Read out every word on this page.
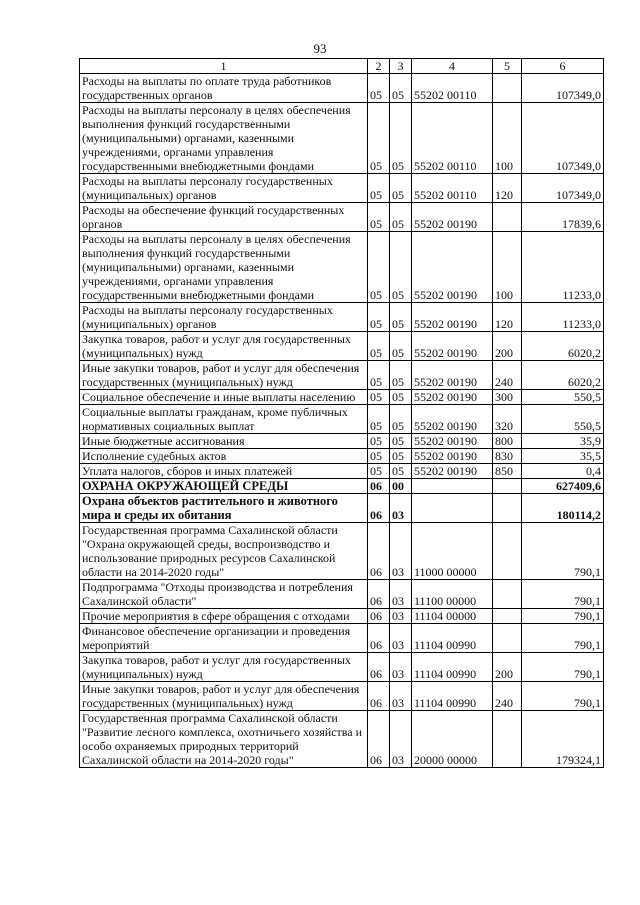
93
1	2	3	4	5	6
Расходы на выплаты по оплате труда работников государственных органов	05	05	55202 00110		107349,0
Расходы на выплаты персоналу в целях обеспечения выполнения функций государственными (муниципальными) органами, казенными учреждениями, органами управления государственными внебюджетными фондами	05	05	55202 00110	100	107349,0
Расходы на выплаты персоналу государственных (муниципальных) органов	05	05	55202 00110	120	107349,0
Расходы на обеспечение функций государственных органов	05	05	55202 00190		17839,6
Расходы на выплаты персоналу в целях обеспечения выполнения функций государственными (муниципальными) органами, казенными учреждениями, органами управления государственными внебюджетными фондами	05	05	55202 00190	100	11233,0
Расходы на выплаты персоналу государственных (муниципальных) органов	05	05	55202 00190	120	11233,0
Закупка товаров, работ и услуг для государственных (муниципальных) нужд	05	05	55202 00190	200	6020,2
Иные закупки товаров, работ и услуг для обеспечения государственных (муниципальных) нужд	05	05	55202 00190	240	6020,2
Социальное обеспечение и иные выплаты населению	05	05	55202 00190	300	550,5
Социальные выплаты гражданам, кроме публичных нормативных социальных выплат	05	05	55202 00190	320	550,5
Иные бюджетные ассигнования	05	05	55202 00190	800	35,9
Исполнение судебных актов	05	05	55202 00190	830	35,5
Уплата налогов, сборов и иных платежей	05	05	55202 00190	850	0,4
ОХРАНА ОКРУЖАЮЩЕЙ СРЕДЫ	06	00			627409,6
Охрана объектов растительного и животного мира и среды их обитания	06	03			180114,2
Государственная программа Сахалинской области "Охрана окружающей среды, воспроизводство и использование природных ресурсов Сахалинской области на 2014-2020 годы"	06	03	11000 00000		790,1
Подпрограмма "Отходы производства и потребления Сахалинской области"	06	03	11100 00000		790,1
Прочие мероприятия в сфере обращения с отходами	06	03	11104 00000		790,1
Финансовое обеспечение организации и проведения мероприятий	06	03	11104 00990		790,1
Закупка товаров, работ и услуг для государственных (муниципальных) нужд	06	03	11104 00990	200	790,1
Иные закупки товаров, работ и услуг для обеспечения государственных (муниципальных) нужд	06	03	11104 00990	240	790,1
Государственная программа Сахалинской области "Развитие лесного комплекса, охотничьего хозяйства и особо охраняемых природных территорий Сахалинской области на 2014-2020 годы"	06	03	20000 00000		179324,1
